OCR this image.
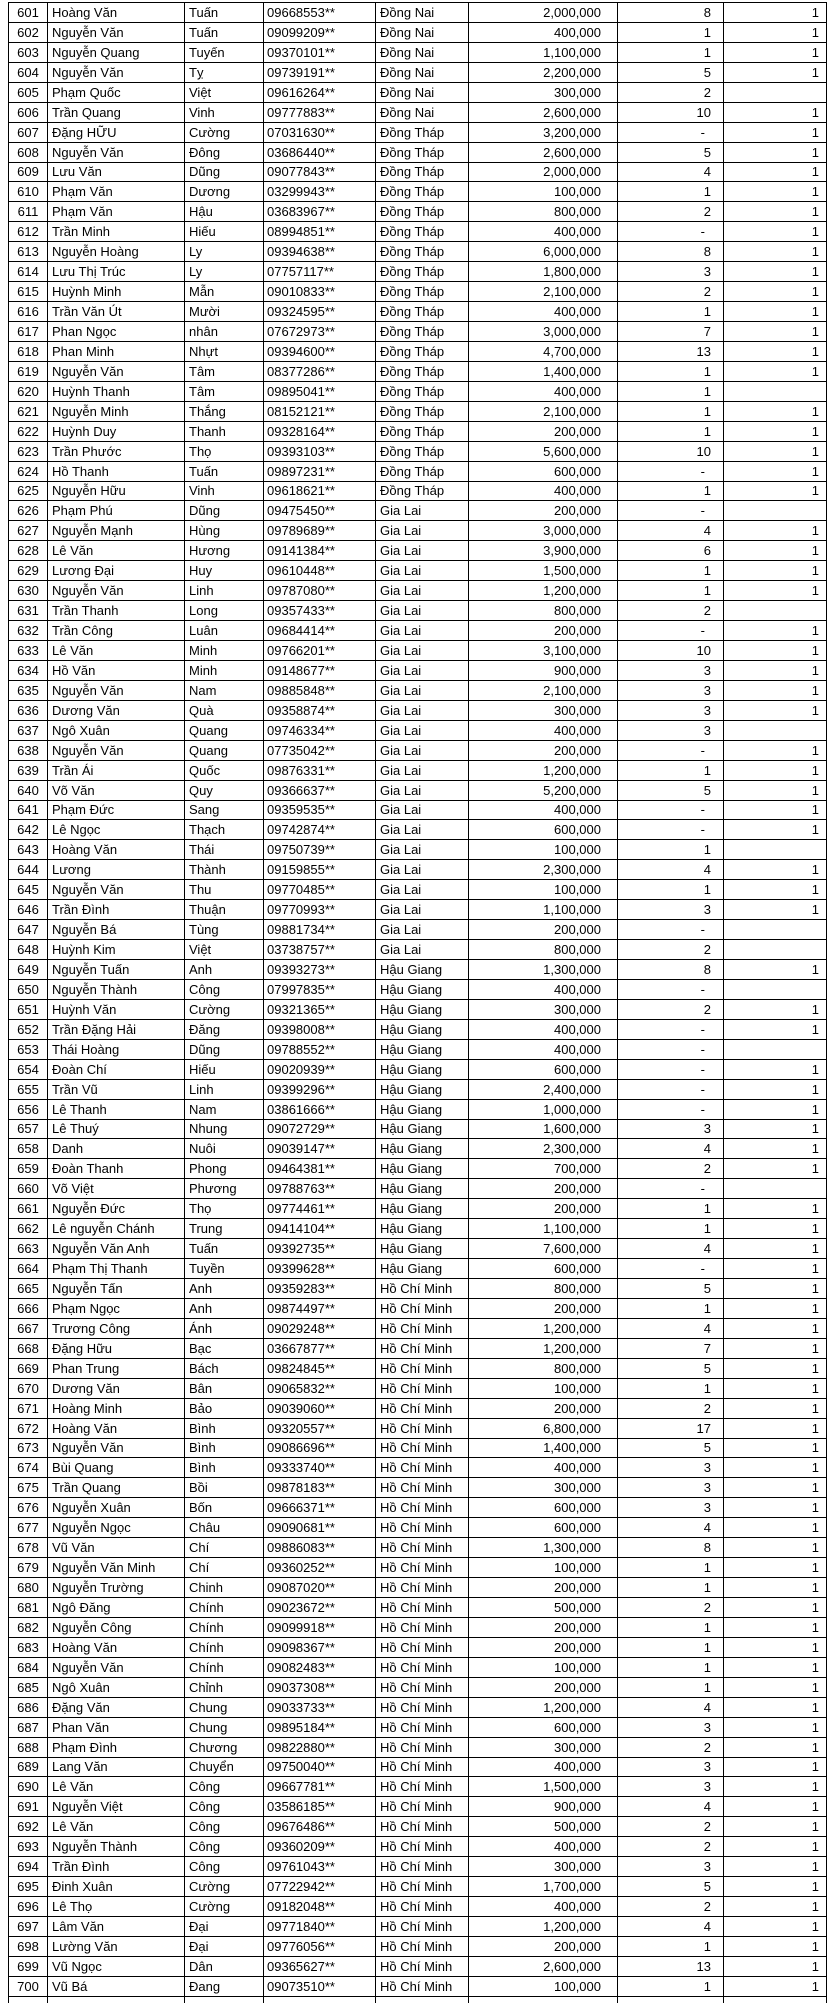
601	Hoàng Văn	Tuấn	09668553**	Đồng Nai	2,000,000	8	1
602	Nguyễn Văn	Tuấn	09099209**	Đồng Nai	400,000	1	1
603	Nguyễn Quang	Tuyến	09370101**	Đồng Nai	1,100,000	1	1
604	Nguyễn Văn	Tỵ	09739191**	Đồng Nai	2,200,000	5	1
605	Phạm Quốc	Việt	09616264**	Đồng Nai	300,000	2
606	Trần Quang	Vinh	09777883**	Đồng Nai	2,600,000	10	1
607	Đặng HỮU	Cường	07031630**	Đồng Tháp	3,200,000	-	1
608	Nguyễn Văn	Đông	03686440**	Đồng Tháp	2,600,000	5	1
609	Lưu Văn	Dũng	09077843**	Đồng Tháp	2,000,000	4	1
610	Phạm Văn	Dương	03299943**	Đồng Tháp	100,000	1	1
611	Phạm Văn	Hậu	03683967**	Đồng Tháp	800,000	2	1
612	Trần Minh	Hiếu	08994851**	Đồng Tháp	400,000	-	1
613	Nguyễn Hoàng	Ly	09394638**	Đồng Tháp	6,000,000	8	1
614	Lưu Thị Trúc	Ly	07757117**	Đồng Tháp	1,800,000	3	1
615	Huỳnh Minh	Mẫn	09010833**	Đồng Tháp	2,100,000	2	1
616	Trần Văn Út	Mười	09324595**	Đồng Tháp	400,000	1	1
617	Phan Ngọc	nhân	07672973**	Đồng Tháp	3,000,000	7	1
618	Phan Minh	Nhựt	09394600**	Đồng Tháp	4,700,000	13	1
619	Nguyễn Văn	Tâm	08377286**	Đồng Tháp	1,400,000	1	1
620	Huỳnh Thanh	Tâm	09895041**	Đồng Tháp	400,000	1
621	Nguyễn Minh	Thắng	08152121**	Đồng Tháp	2,100,000	1	1
622	Huỳnh Duy	Thanh	09328164**	Đồng Tháp	200,000	1	1
623	Trần Phước	Thọ	09393103**	Đồng Tháp	5,600,000	10	1
624	Hồ Thanh	Tuấn	09897231**	Đồng Tháp	600,000	-	1
625	Nguyễn Hữu	Vinh	09618621**	Đồng Tháp	400,000	1	1
626	Phạm Phú	Dũng	09475450**	Gia Lai	200,000	-
627	Nguyễn Mạnh	Hùng	09789689**	Gia Lai	3,000,000	4	1
628	Lê Văn	Hương	09141384**	Gia Lai	3,900,000	6	1
629	Lương Đại	Huy	09610448**	Gia Lai	1,500,000	1	1
630	Nguyễn Văn	Linh	09787080**	Gia Lai	1,200,000	1	1
631	Trần Thanh	Long	09357433**	Gia Lai	800,000	2
632	Trần Công	Luân	09684414**	Gia Lai	200,000	-	1
633	Lê Văn	Minh	09766201**	Gia Lai	3,100,000	10	1
634	Hồ Văn	Minh	09148677**	Gia Lai	900,000	3	1
635	Nguyễn Văn	Nam	09885848**	Gia Lai	2,100,000	3	1
636	Dương Văn	Quà	09358874**	Gia Lai	300,000	3	1
637	Ngô Xuân	Quang	09746334**	Gia Lai	400,000	3
638	Nguyễn Văn	Quang	07735042**	Gia Lai	200,000	-	1
639	Trần Ái	Quốc	09876331**	Gia Lai	1,200,000	1	1
640	Võ Văn	Quy	09366637**	Gia Lai	5,200,000	5	1
641	Phạm Đức	Sang	09359535**	Gia Lai	400,000	-	1
642	Lê Ngọc	Thạch	09742874**	Gia Lai	600,000	-	1
643	Hoàng Văn	Thái	09750739**	Gia Lai	100,000	1
644	Lương	Thành	09159855**	Gia Lai	2,300,000	4	1
645	Nguyễn Văn	Thu	09770485**	Gia Lai	100,000	1	1
646	Trần Đình	Thuận	09770993**	Gia Lai	1,100,000	3	1
647	Nguyễn Bá	Tùng	09881734**	Gia Lai	200,000	-
648	Huỳnh Kim	Việt	03738757**	Gia Lai	800,000	2
649	Nguyễn Tuấn	Anh	09393273**	Hậu Giang	1,300,000	8	1
650	Nguyễn Thành	Công	07997835**	Hậu Giang	400,000	-
651	Huỳnh Văn	Cường	09321365**	Hậu Giang	300,000	2	1
652	Trần Đặng Hải	Đăng	09398008**	Hậu Giang	400,000	-	1
653	Thái Hoàng	Dũng	09788552**	Hậu Giang	400,000	-
654	Đoàn Chí	Hiếu	09020939**	Hậu Giang	600,000	-	1
655	Trần Vũ	Linh	09399296**	Hậu Giang	2,400,000	-	1
656	Lê Thanh	Nam	03861666**	Hậu Giang	1,000,000	-	1
657	Lê Thuý	Nhung	09072729**	Hậu Giang	1,600,000	3	1
658	Danh	Nuôi	09039147**	Hậu Giang	2,300,000	4	1
659	Đoàn Thanh	Phong	09464381**	Hậu Giang	700,000	2	1
660	Võ Việt	Phương	09788763**	Hậu Giang	200,000	-
661	Nguyễn Đức	Thọ	09774461**	Hậu Giang	200,000	1	1
662	Lê nguyễn Chánh	Trung	09414104**	Hậu Giang	1,100,000	1	1
663	Nguyễn Văn Anh	Tuấn	09392735**	Hậu Giang	7,600,000	4	1
664	Phạm Thị Thanh	Tuyền	09399628**	Hậu Giang	600,000	-	1
665	Nguyễn Tấn	Anh	09359283**	Hồ Chí Minh	800,000	5	1
666	Phạm Ngọc	Anh	09874497**	Hồ Chí Minh	200,000	1	1
667	Trương Công	Ánh	09029248**	Hồ Chí Minh	1,200,000	4	1
668	Đặng Hữu	Bạc	03667877**	Hồ Chí Minh	1,200,000	7	1
669	Phan Trung	Bách	09824845**	Hồ Chí Minh	800,000	5	1
670	Dương Văn	Bân	09065832**	Hồ Chí Minh	100,000	1	1
671	Hoàng Minh	Bảo	09039060**	Hồ Chí Minh	200,000	2	1
672	Hoàng Văn	Bình	09320557**	Hồ Chí Minh	6,800,000	17	1
673	Nguyễn Văn	Bình	09086696**	Hồ Chí Minh	1,400,000	5	1
674	Bùi Quang	Bình	09333740**	Hồ Chí Minh	400,000	3	1
675	Trần Quang	Bồi	09878183**	Hồ Chí Minh	300,000	3	1
676	Nguyễn Xuân	Bốn	09666371**	Hồ Chí Minh	600,000	3	1
677	Nguyễn Ngọc	Châu	09090681**	Hồ Chí Minh	600,000	4	1
678	Vũ Văn	Chí	09886083**	Hồ Chí Minh	1,300,000	8	1
679	Nguyễn Văn Minh	Chí	09360252**	Hồ Chí Minh	100,000	1	1
680	Nguyễn Trường	Chinh	09087020**	Hồ Chí Minh	200,000	1	1
681	Ngô Đăng	Chính	09023672**	Hồ Chí Minh	500,000	2	1
682	Nguyễn Công	Chính	09099918**	Hồ Chí Minh	200,000	1	1
683	Hoàng Văn	Chính	09098367**	Hồ Chí Minh	200,000	1	1
684	Nguyễn Văn	Chính	09082483**	Hồ Chí Minh	100,000	1	1
685	Ngô Xuân	Chỉnh	09037308**	Hồ Chí Minh	200,000	1	1
686	Đặng Văn	Chung	09033733**	Hồ Chí Minh	1,200,000	4	1
687	Phan Văn	Chung	09895184**	Hồ Chí Minh	600,000	3	1
688	Phạm Đình	Chương	09822880**	Hồ Chí Minh	300,000	2	1
689	Lang Văn	Chuyển	09750040**	Hồ Chí Minh	400,000	3	1
690	Lê Văn	Công	09667781**	Hồ Chí Minh	1,500,000	3	1
691	Nguyễn Việt	Công	03586185**	Hồ Chí Minh	900,000	4	1
692	Lê Văn	Công	09676486**	Hồ Chí Minh	500,000	2	1
693	Nguyễn Thành	Công	09360209**	Hồ Chí Minh	400,000	2	1
694	Trần Đình	Công	09761043**	Hồ Chí Minh	300,000	3	1
695	Đinh Xuân	Cường	07722942**	Hồ Chí Minh	1,700,000	5	1
696	Lê Thọ	Cường	09182048**	Hồ Chí Minh	400,000	2	1
697	Lâm Văn	Đại	09771840**	Hồ Chí Minh	1,200,000	4	1
698	Lường Văn	Đại	09776056**	Hồ Chí Minh	200,000	1	1
699	Vũ Ngọc	Dân	09365627**	Hồ Chí Minh	2,600,000	13	1
700	Vũ Bá	Đang	09073510**	Hồ Chí Minh	100,000	1	1
